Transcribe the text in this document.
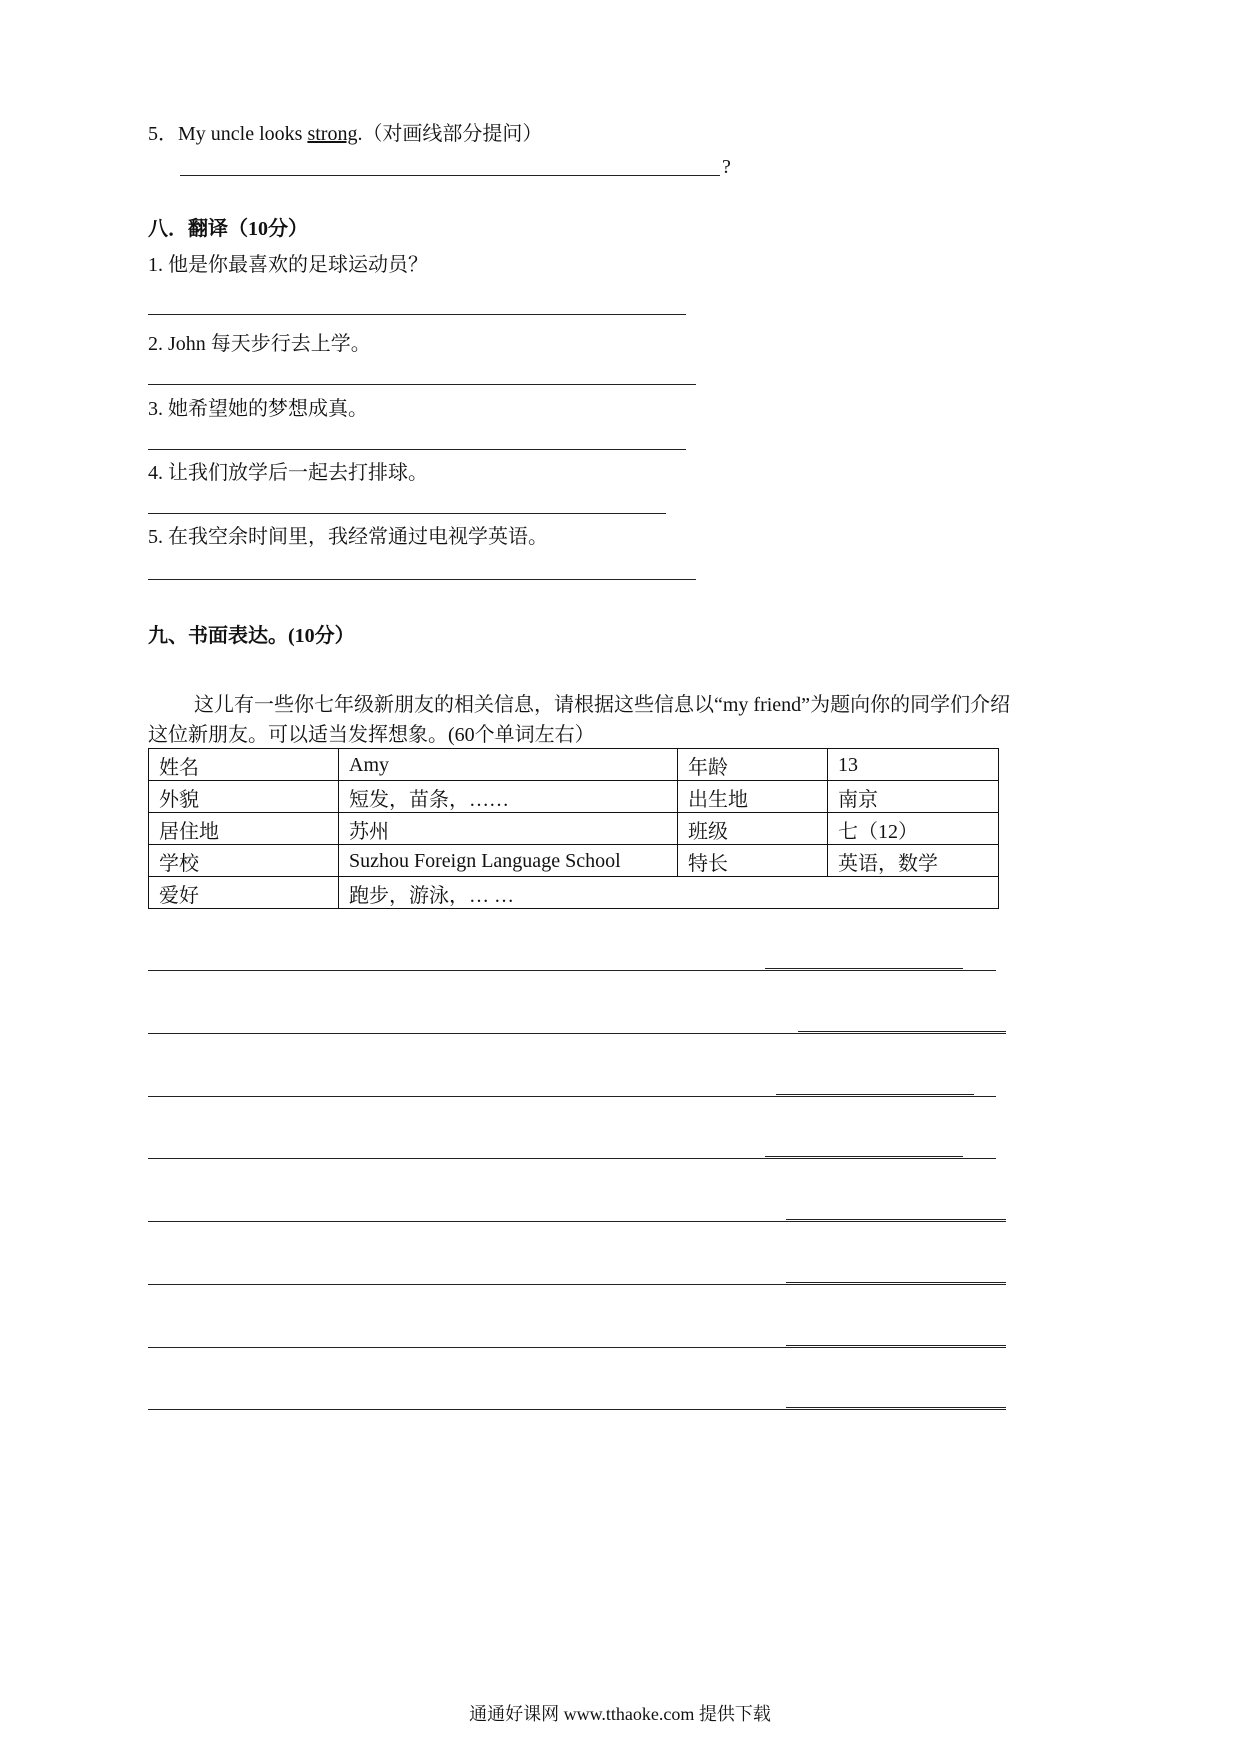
5．My uncle looks strong.（对画线部分提问）
?
八．翻译（10分）
1. 他是你最喜欢的足球运动员？
2. John 每天步行去上学。
3. 她希望她的梦想成真。
4. 让我们放学后一起去打排球。
5. 在我空余时间里，我经常通过电视学英语。
九、书面表达。(10分）

这儿有一些你七年级新朋友的相关信息，请根据这些信息以“my friend”为题向你的同学们介绍

这位新朋友。可以适当发挥想象。(60个单词左右）

姓名	Amy	年龄	13
外貌	短发，苗条，……	出生地	南京
居住地	苏州	班级	七（12）
学校	Suzhou Foreign Language School	特长	英语，数学
爱好	跑步，游泳，… …		
通通好课网 www.tthaoke.com 提供下载
